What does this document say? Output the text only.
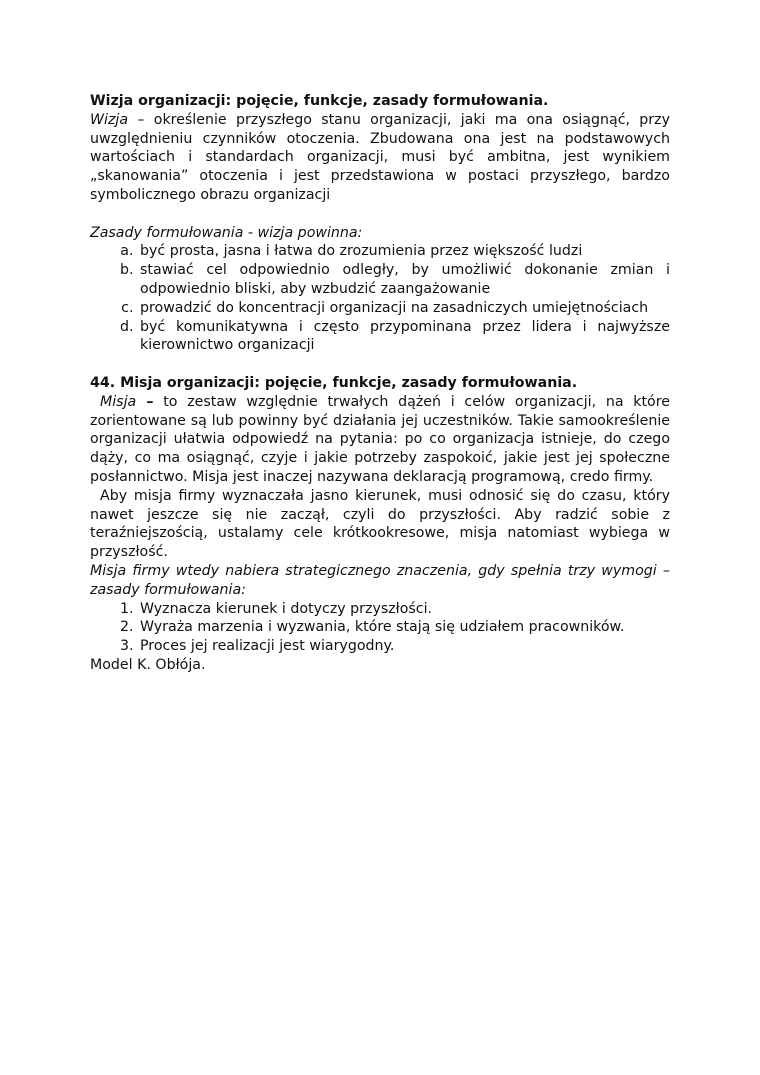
Wizja organizacji: pojęcie, funkcje, zasady formułowania.

Wizja – określenie przyszłego stanu organizacji, jaki ma ona osiągnąć, przy uwzględnieniu czynników otoczenia. Zbudowana ona jest na podstawowych wartościach i standardach organizacji, musi być ambitna, jest wynikiem „skanowania” otoczenia i jest przedstawiona w postaci przyszłego, bardzo symbolicznego obrazu organizacji

Zasady formułowania - wizja powinna:

a. być prosta, jasna i łatwa do zrozumienia przez większość ludzi
b. stawiać cel odpowiednio odległy, by umożliwić dokonanie zmian i odpowiednio bliski, aby wzbudzić zaangażowanie
c. prowadzić do koncentracji organizacji na zasadniczych umiejętnościach
d. być komunikatywna i często przypominana przez lidera i najwyższe kierownictwo organizacji

44. Misja organizacji: pojęcie, funkcje, zasady formułowania.

Misja – to zestaw względnie trwałych dążeń i celów organizacji, na które zorientowane są lub powinny być działania jej uczestników. Takie samookreślenie organizacji ułatwia odpowiedź na pytania: po co organizacja istnieje, do czego dąży, co ma osiągnąć, czyje i jakie potrzeby zaspokoić, jakie jest jej społeczne posłannictwo. Misja jest inaczej nazywana deklaracją programową, credo firmy.

Aby misja firmy wyznaczała jasno kierunek, musi odnosić się do czasu, który nawet jeszcze się nie zaczął, czyli do przyszłości. Aby radzić sobie z teraźniejszością, ustalamy cele krótkookresowe, misja natomiast wybiega w przyszłość.

Misja firmy wtedy nabiera strategicznego znaczenia, gdy spełnia trzy wymogi – zasady formułowania:

1. Wyznacza kierunek i dotyczy przyszłości.
2. Wyraża marzenia i wyzwania, które stają się udziałem pracowników.
3. Proces jej realizacji jest wiarygodny.

Model K. Obłója.
